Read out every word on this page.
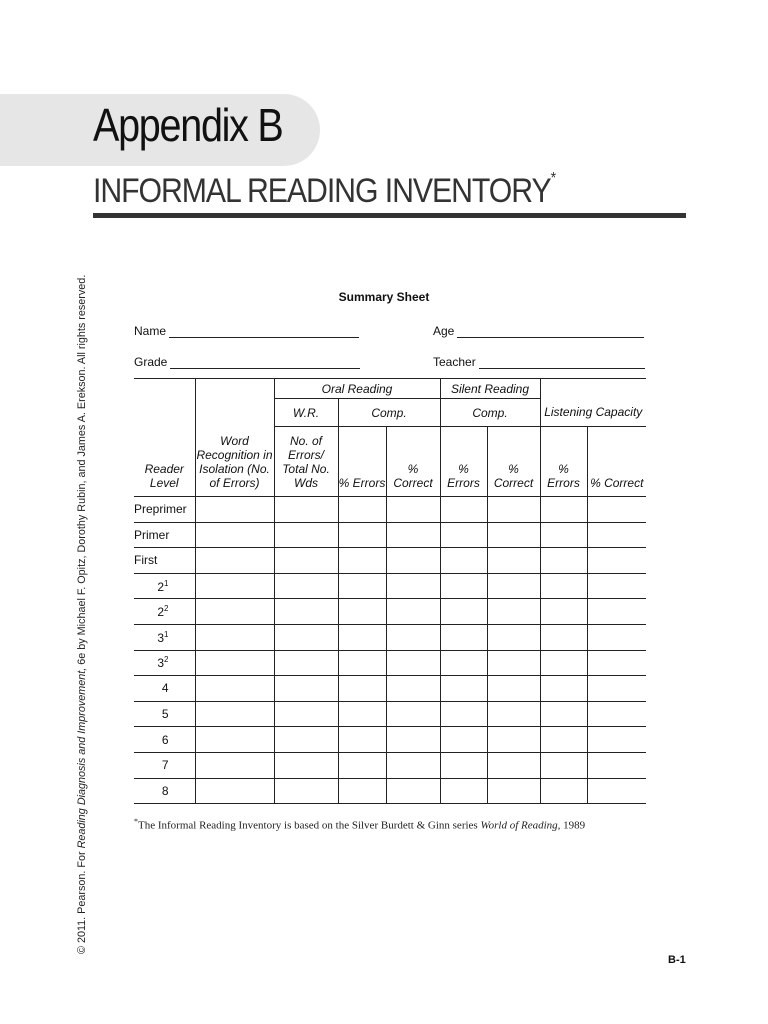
Appendix B
INFORMAL READING INVENTORY*
© 2011. Pearson. For Reading Diagnosis and Improvement, 6e by Michael F. Opitz, Dorothy Rubin, and James A. Erekson. All rights reserved.	Summary Sheet
Name	Age
Grade	Teacher
		Oral Reading			Silent Reading			
	Word Recognition in Isolation (No. of Errors)	W.R.	Comp.		Comp.		Listening Capacity	
Reader Level		No. of Errors/ Total No. Wds	% Errors	% Correct	% Errors	% Correct	% Errors	% Correct
Preprimer								
Primer								
First								
$2^1$								
$2^2$								
$3^1$								
$3^2$								
4								
5								
6								
7								
8								
*The Informal Reading Inventory is based on the Silver Burdett & Ginn series World of Reading, 1989
B-1
